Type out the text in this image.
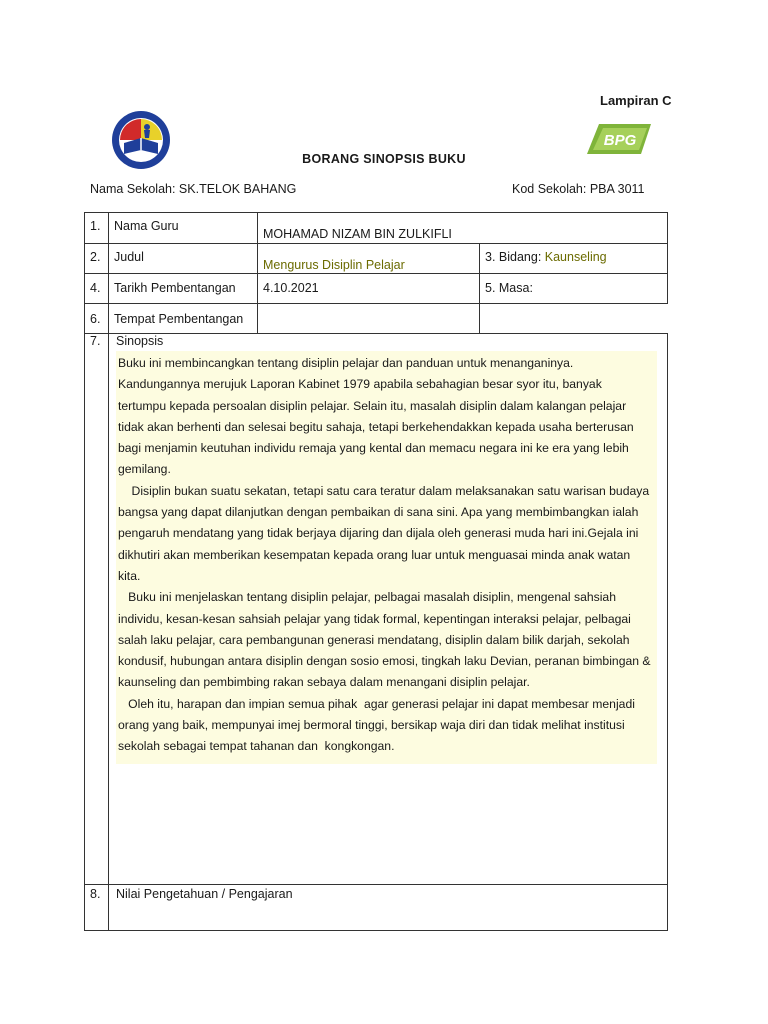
Lampiran C
BPG
BORANG SINOPSIS BUKU
Nama Sekolah: SK.TELOK BAHANG	Kod Sekolah: PBA 3011
1.	Nama Guru	MOHAMAD NIZAM BIN ZULKIFLI	
2.	Judul	Mengurus Disiplin Pelajar	3. Bidang: Kaunseling
4.	Tarikh Pembentangan	4.10.2021	5. Masa:
6.	Tempat Pembentangan		
7.	Sinopsis

Buku ini membincangkan tentang disiplin pelajar dan panduan untuk menanganinya. Kandungannya merujuk Laporan Kabinet 1979 apabila sebahagian besar syor itu, banyak tertumpu kepada persoalan disiplin pelajar. Selain itu, masalah disiplin dalam kalangan pelajar tidak akan berhenti dan selesai begitu sahaja, tetapi berkehendakkan kepada usaha berterusan bagi menjamin keutuhan individu remaja yang kental dan memacu negara ini ke era yang lebih gemilang.

Disiplin bukan suatu sekatan, tetapi satu cara teratur dalam melaksanakan satu warisan budaya bangsa yang dapat dilanjutkan dengan pembaikan di sana sini. Apa yang membimbangkan ialah pengaruh mendatang yang tidak berjaya dijaring dan dijala oleh generasi muda hari ini.Gejala ini dikhutiri akan memberikan kesempatan kepada orang luar untuk menguasai minda anak watan kita.

Buku ini menjelaskan tentang disiplin pelajar, pelbagai masalah disiplin, mengenal sahsiah individu, kesan-kesan sahsiah pelajar yang tidak formal, kepentingan interaksi pelajar, pelbagai salah laku pelajar, cara pembangunan generasi mendatang, disiplin dalam bilik darjah, sekolah kondusif, hubungan antara disiplin dengan sosio emosi, tingkah laku Devian, peranan bimbingan & kaunseling dan pembimbing rakan sebaya dalam menangani disiplin pelajar.

Oleh itu, harapan dan impian semua pihak  agar generasi pelajar ini dapat membesar menjadi orang yang baik, mempunyai imej bermoral tinggi, bersikap waja diri dan tidak melihat institusi sekolah sebagai tempat tahanan dan  kongkongan.		

8.	Nilai Pengetahuan / Pengajaran		
